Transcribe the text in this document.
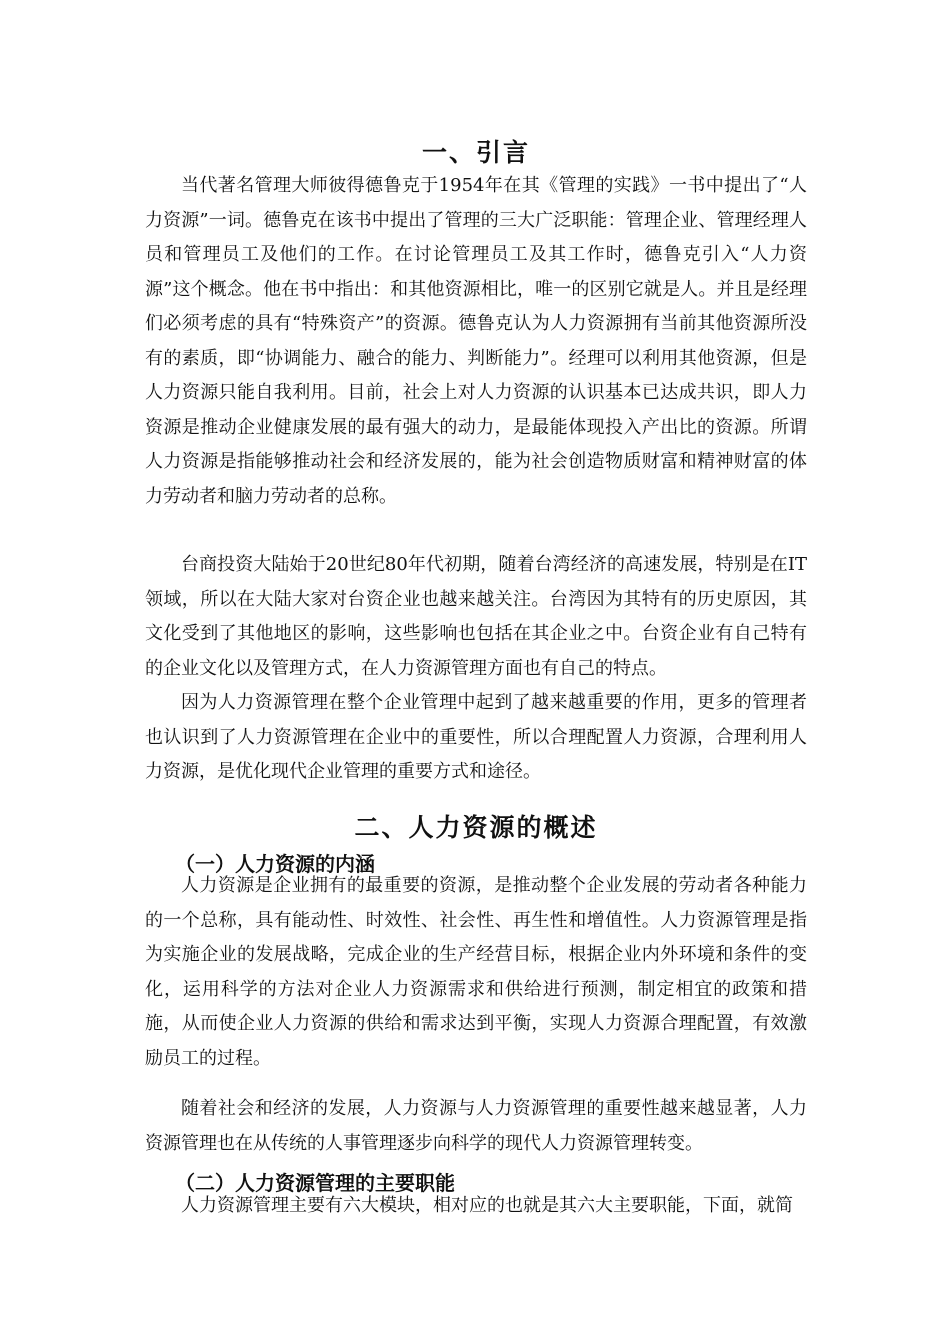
一、引言

当代著名管理大师彼得德鲁克于1954年在其《管理的实践》一书中提出了“人力资源”一词。德鲁克在该书中提出了管理的三大广泛职能：管理企业、管理经理人员和管理员工及他们的工作。在讨论管理员工及其工作时，德鲁克引入“人力资源”这个概念。他在书中指出：和其他资源相比，唯一的区别它就是人。并且是经理们必须考虑的具有“特殊资产”的资源。德鲁克认为人力资源拥有当前其他资源所没有的素质，即“协调能力、融合的能力、判断能力”。经理可以利用其他资源，但是人力资源只能自我利用。目前，社会上对人力资源的认识基本已达成共识，即人力资源是推动企业健康发展的最有强大的动力，是最能体现投入产出比的资源。所谓人力资源是指能够推动社会和经济发展的，能为社会创造物质财富和精神财富的体力劳动者和脑力劳动者的总称。

台商投资大陆始于20世纪80年代初期，随着台湾经济的高速发展，特别是在IT领域，所以在大陆大家对台资企业也越来越关注。台湾因为其特有的历史原因，其文化受到了其他地区的影响，这些影响也包括在其企业之中。台资企业有自己特有的企业文化以及管理方式，在人力资源管理方面也有自己的特点。

因为人力资源管理在整个企业管理中起到了越来越重要的作用，更多的管理者也认识到了人力资源管理在企业中的重要性，所以合理配置人力资源，合理利用人力资源，是优化现代企业管理的重要方式和途径。

二、人力资源的概述
（一）人力资源的内涵

人力资源是企业拥有的最重要的资源，是推动整个企业发展的劳动者各种能力的一个总称，具有能动性、时效性、社会性、再生性和增值性。人力资源管理是指为实施企业的发展战略，完成企业的生产经营目标，根据企业内外环境和条件的变化，运用科学的方法对企业人力资源需求和供给进行预测，制定相宜的政策和措施，从而使企业人力资源的供给和需求达到平衡，实现人力资源合理配置，有效激励员工的过程。

随着社会和经济的发展，人力资源与人力资源管理的重要性越来越显著，人力资源管理也在从传统的人事管理逐步向科学的现代人力资源管理转变。

（二）人力资源管理的主要职能

人力资源管理主要有六大模块，相对应的也就是其六大主要职能，下面，就简
